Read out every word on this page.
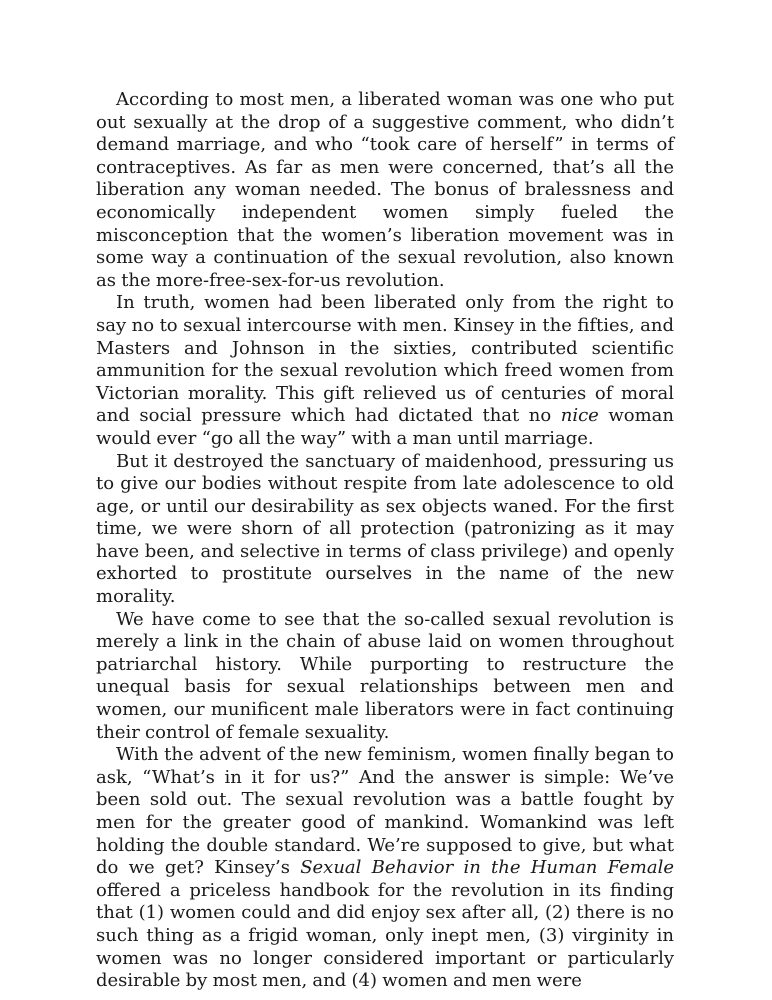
According to most men, a liberated woman was one who put out sexually at the drop of a suggestive comment, who didn’t demand marriage, and who “took care of herself” in terms of contraceptives. As far as men were concerned, that’s all the liberation any woman needed. The bonus of bralessness and economically independent women simply fueled the misconception that the women’s liberation movement was in some way a continuation of the sexual revolution, also known as the more-free-sex-for-us revolution.

In truth, women had been liberated only from the right to say no to sexual intercourse with men. Kinsey in the fifties, and Masters and Johnson in the sixties, contributed scientific ammunition for the sexual revolution which freed women from Victorian morality. This gift relieved us of centuries of moral and social pressure which had dictated that no nice woman would ever “go all the way” with a man until marriage.

But it destroyed the sanctuary of maidenhood, pressuring us to give our bodies without respite from late adolescence to old age, or until our desirability as sex objects waned. For the first time, we were shorn of all protection (patronizing as it may have been, and selective in terms of class privilege) and openly exhorted to prostitute ourselves in the name of the new morality.

We have come to see that the so-called sexual revolution is merely a link in the chain of abuse laid on women throughout patriarchal history. While purporting to restructure the unequal basis for sexual relationships between men and women, our munificent male liberators were in fact continuing their control of female sexuality.

With the advent of the new feminism, women finally began to ask, “What’s in it for us?” And the answer is simple: We’ve been sold out. The sexual revolution was a battle fought by men for the greater good of mankind. Womankind was left holding the double standard. We’re supposed to give, but what do we get? Kinsey’s Sexual Behavior in the Human Female offered a priceless handbook for the revolution in its finding that (1) women could and did enjoy sex after all, (2) there is no such thing as a frigid woman, only inept men, (3) virginity in women was no longer considered important or particularly desirable by most men, and (4) women and men were
